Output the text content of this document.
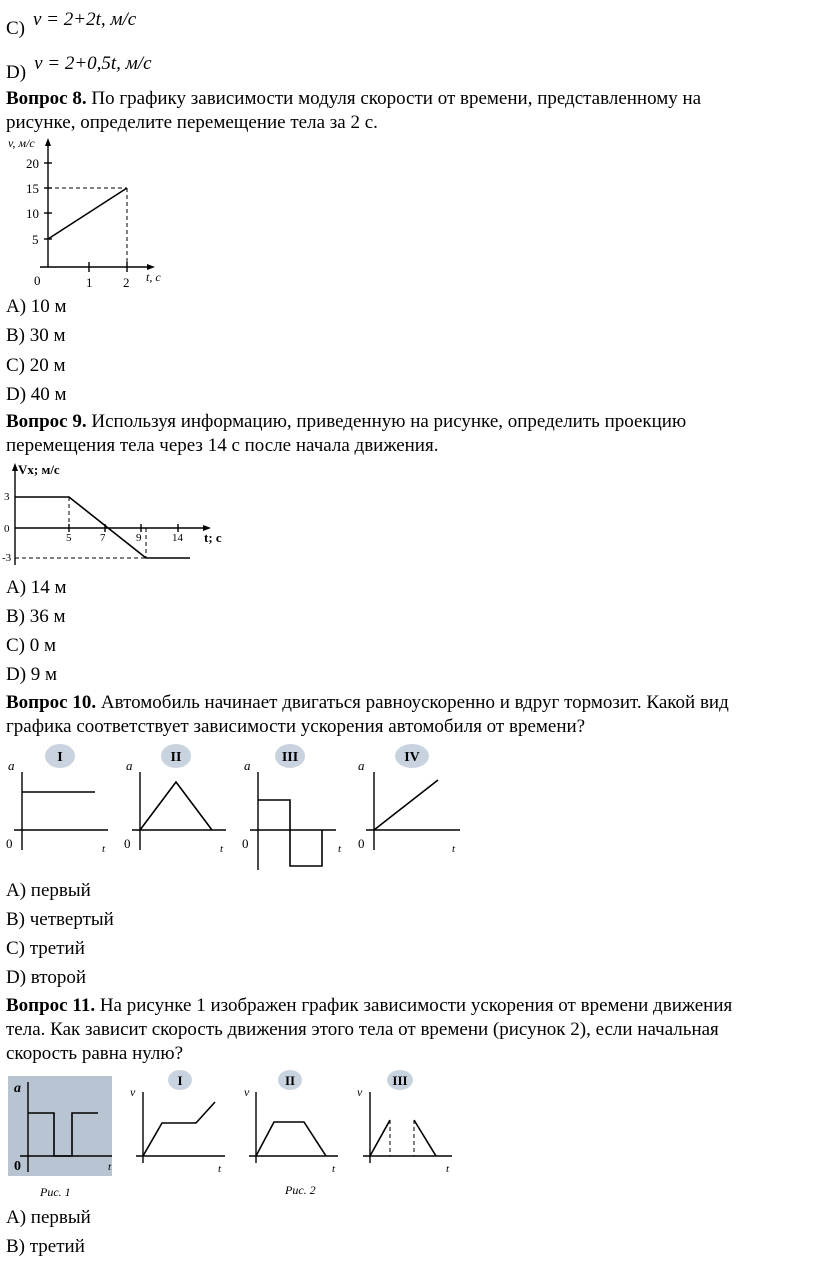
C) v = 2+2t, м/с
D) v = 2+0,5t, м/с
Вопрос 8. По графику зависимости модуля скорости от времени, представленному на
рисунке, определите перемещение тела за 2 с.
v, м/с
20
15
10
5
0	1 2 t, с
A) 10 м
B) 30 м
C) 20 м
D) 40 м
Вопрос 9. Используя информацию, приведенную на рисунке, определить проекцию
перемещения тела через 14 с после начала движения.
Vx; м/с
3
0
-3
5	7	9	14 t; с
A) 14 м
B) 36 м
C) 0 м
D) 9 м
Вопрос 10. Автомобиль начинает двигаться равноускоренно и вдруг тормозит. Какой вид
графика соответствует зависимости ускорения автомобиля от времени?
I
a
0	t
II
a
0	t
III
a
0	t
IV
a
0	t
A) первый
B) четвертый
C) третий
D) второй
Вопрос 11. На рисунке 1 изображен график зависимости ускорения от времени движения
тела. Как зависит скорость движения этого тела от времени (рисунок 2), если начальная
скорость равна нулю?
a
0	t
Рис. 1
I
v
t
II
v
t
Рис. 2
III
v
t
A) первый
B) третий
